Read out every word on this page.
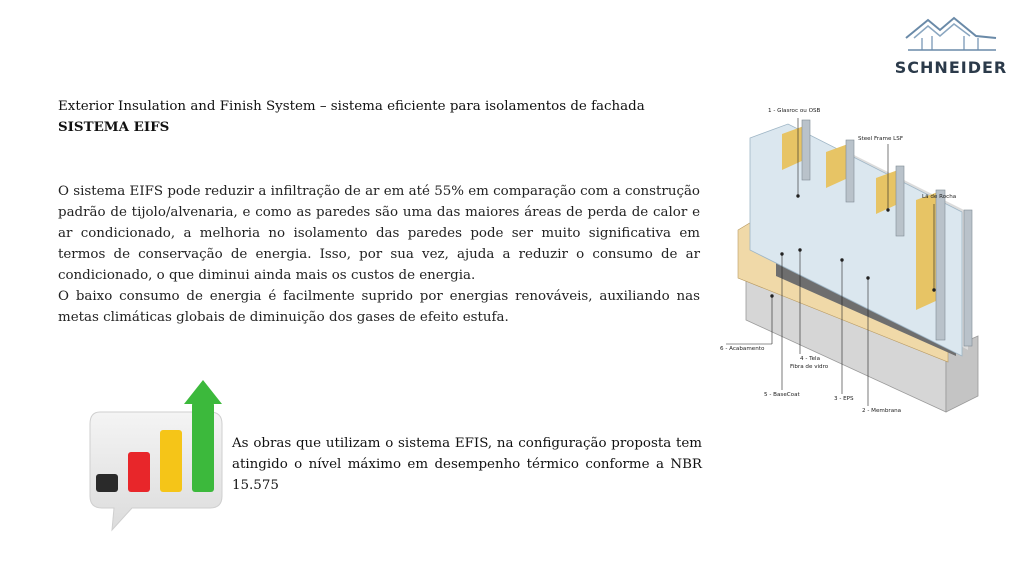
SCHNEIDER
Exterior Insulation and Finish System – sistema eficiente para isolamentos de fachada
SISTEMA EIFS

O sistema EIFS pode reduzir a infiltração de ar em até 55% em comparação com a construção padrão de tijolo/alvenaria, e como as paredes são uma das maiores áreas de perda de calor e ar condicionado, a melhoria no isolamento das paredes pode ser muito significativa em termos de conservação de energia. Isso, por sua vez, ajuda a reduzir o consumo de ar condicionado, o que diminui ainda mais os custos de energia.

O baixo consumo de energia é facilmente suprido por energias renováveis, auxiliando nas metas climáticas globais de diminuição dos gases de efeito estufa.

As obras que utilizam o sistema EFIS, na configuração proposta tem atingido o nível máximo em desempenho térmico conforme a NBR 15.575
1 - Glasroc ou OSB
Steel Frame LSF
Lã de Rocha
6 - Acabamento
4 - Tela
Fibra de vidro
5 - BaseCoat
3 - EPS
2 - Membrana
